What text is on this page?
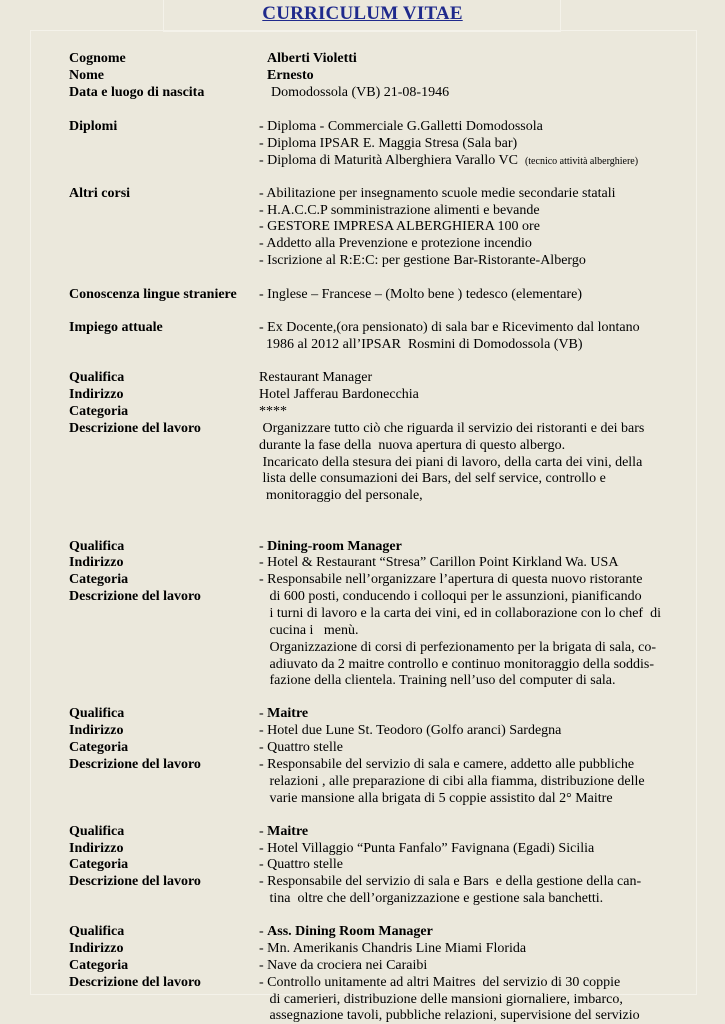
CURRICULUM VITAE
Cognome	Alberti Violetti
Nome	Ernesto
Data e luogo di nascita	Domodossola (VB) 21-08-1946
Diplomi	- Diploma - Commerciale G.Galletti Domodossola
- Diploma IPSAR E. Maggia Stresa (Sala bar)
- Diploma di Maturità Alberghiera Varallo VC (tecnico attività alberghiere)
Altri corsi	- Abilitazione per insegnamento scuole medie secondarie statali
- H.A.C.C.P somministrazione alimenti e bevande
- GESTORE IMPRESA ALBERGHIERA 100 ore
- Addetto alla Prevenzione e protezione incendio
- Iscrizione al R:E:C: per gestione Bar-Ristorante-Albergo
Conoscenza lingue straniere - Inglese – Francese – (Molto bene ) tedesco (elementare)
Impiego attuale	- Ex Docente,(ora pensionato) di sala bar e Ricevimento dal lontano
1986 al 2012 all’IPSAR  Rosmini di Domodossola (VB)
Qualifica	Restaurant Manager
Indirizzo	Hotel Jafferau Bardonecchia
Categoria	****
Descrizione del lavoro	Organizzare tutto ciò che riguarda il servizio dei ristoranti e dei bars
durante la fase della  nuova apertura di questo albergo.
Incaricato della stesura dei piani di lavoro, della carta dei vini, della
lista delle consumazioni dei Bars, del self service, controllo e
monitoraggio del personale,
Qualifica	- Dining-room Manager
Indirizzo	- Hotel & Restaurant “Stresa” Carillon Point Kirkland Wa. USA
Categoria	- Responsabile nell’organizzare l’apertura di questa nuovo ristorante
Descrizione del lavoro	di 600 posti, conducendo i colloqui per le assunzioni, pianificando
i turni di lavoro e la carta dei vini, ed in collaborazione con lo chef  di
cucina i   menù.
Organizzazione di corsi di perfezionamento per la brigata di sala, co-
adiuvato da 2 maitre controllo e continuo monitoraggio della soddis-
fazione della clientela. Training nell’uso del computer di sala.
Qualifica	- Maitre
Indirizzo	- Hotel due Lune St. Teodoro (Golfo aranci) Sardegna
Categoria	- Quattro stelle
Descrizione del lavoro	- Responsabile del servizio di sala e camere, addetto alle pubbliche
relazioni , alle preparazione di cibi alla fiamma, distribuzione delle
varie mansione alla brigata di 5 coppie assistito dal 2° Maitre
Qualifica	- Maitre
Indirizzo	- Hotel Villaggio “Punta Fanfalo” Favignana (Egadi) Sicilia
Categoria	- Quattro stelle
Descrizione del lavoro	- Responsabile del servizio di sala e Bars  e della gestione della can-
tina  oltre che dell’organizzazione e gestione sala banchetti.
Qualifica	- Ass. Dining Room Manager
Indirizzo	- Mn. Amerikanis Chandris Line Miami Florida
Categoria	- Nave da crociera nei Caraibi
Descrizione del lavoro	- Controllo unitamente ad altri Maitres  del servizio di 30 coppie
di camerieri, distribuzione delle mansioni giornaliere, imbarco,
assegnazione tavoli, pubbliche relazioni, supervisione del servizio
